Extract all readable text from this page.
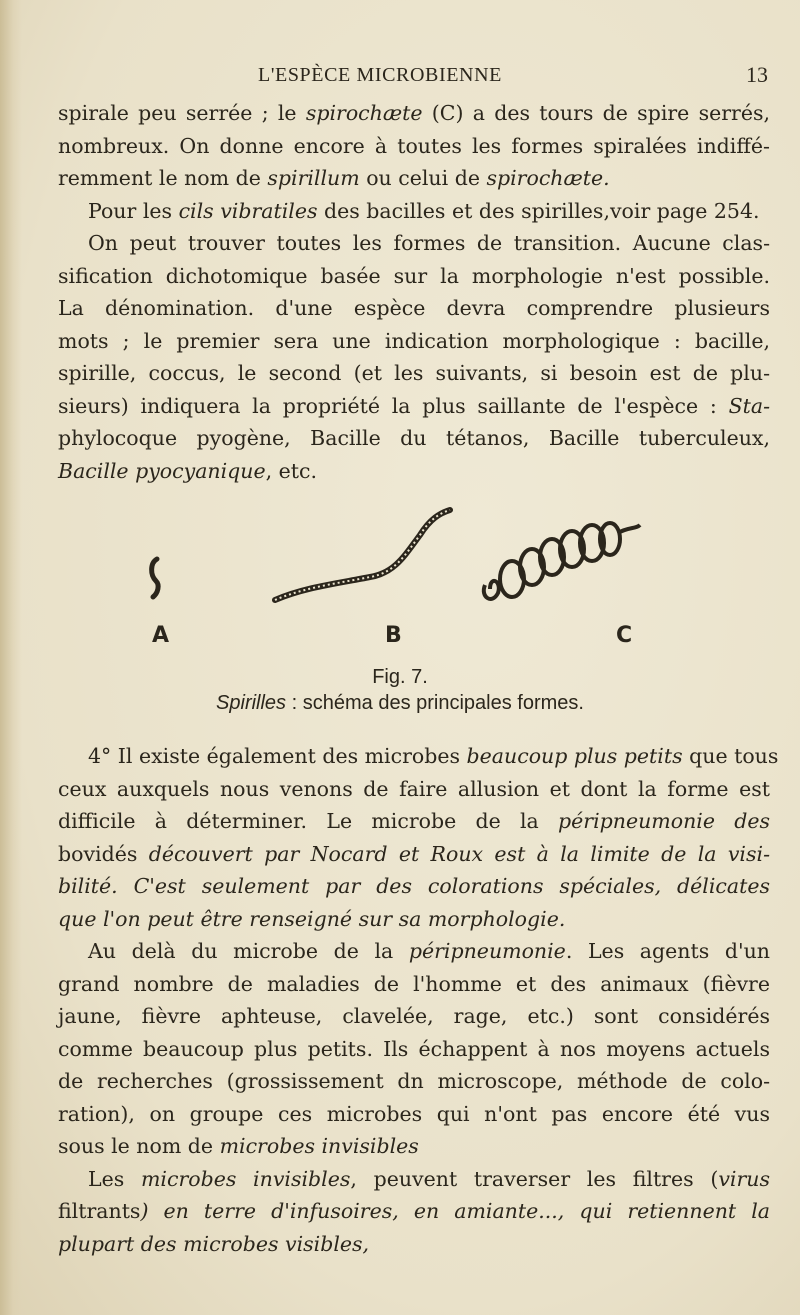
L'ESPÈCE MICROBIENNE	13
spirale peu serrée ; le spirochæte (C) a des tours de spire serrés,
nombreux. On donne encore à toutes les formes spiralées indiffé-
remment le nom de spirillum ou celui de spirochæte.
Pour les cils vibratiles des bacilles et des spirilles,voir page 254.
On peut trouver toutes les formes de transition. Aucune clas-
sification dichotomique basée sur la morphologie n'est possible.
La dénomination. d'une espèce devra comprendre plusieurs
mots ; le premier sera une indication morphologique : bacille,
spirille, coccus, le second (et les suivants, si besoin est de plu-
sieurs) indiquera la propriété la plus saillante de l'espèce : Sta-
phylocoque pyogène, Bacille du tétanos, Bacille tuberculeux,
Bacille pyocyanique, etc.
A	B	C
Fig. 7.
Spirilles : schéma des principales formes.
4° Il existe également des microbes beaucoup plus petits que tous
ceux auxquels nous venons de faire allusion et dont la forme est
difficile à déterminer. Le microbe de la péripneumonie des
bovidés découvert par Nocard et Roux est à la limite de la visi-
bilité. C'est seulement par des colorations spéciales, délicates
que l'on peut être renseigné sur sa morphologie.
Au delà du microbe de la péripneumonie. Les agents d'un
grand nombre de maladies de l'homme et des animaux (fièvre
jaune, fièvre aphteuse, clavelée, rage, etc.) sont considérés
comme beaucoup plus petits. Ils échappent à nos moyens actuels
de recherches (grossissement dn microscope, méthode de colo-
ration), on groupe ces microbes qui n'ont pas encore été vus
sous le nom de microbes invisibles
Les microbes invisibles, peuvent traverser les filtres (virus
filtrants) en terre d'infusoires, en amiante..., qui retiennent la
plupart des microbes visibles,
